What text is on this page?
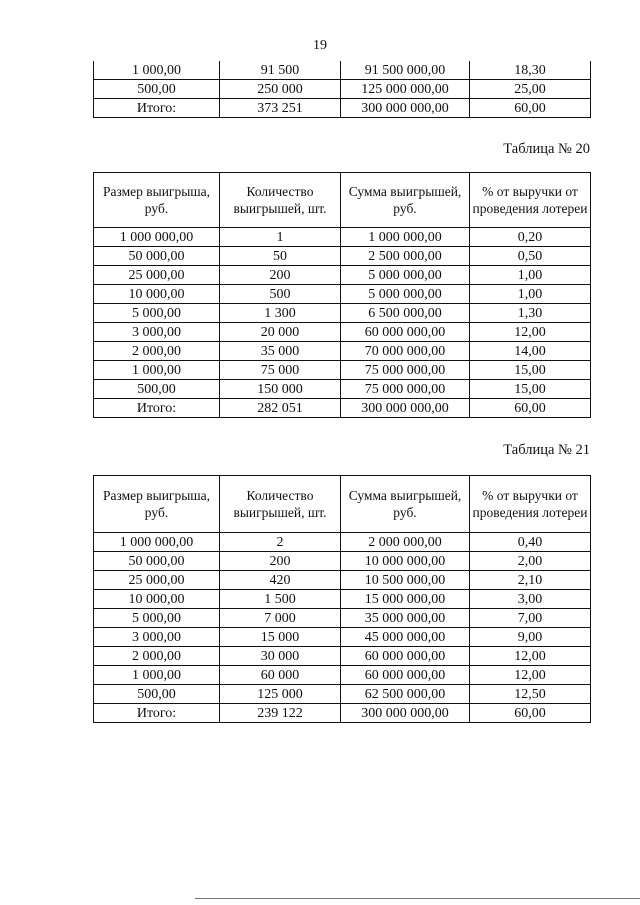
19
1 000,00	91 500	91 500 000,00	18,30
500,00	250 000	125 000 000,00	25,00
Итого:	373 251	300 000 000,00	60,00
Таблица № 20
Размер выигрыша, руб.	Количество выигрышей, шт.	Сумма выигрышей, руб.	% от выручки от проведения лотереи
1 000 000,00	1	1 000 000,00	0,20
50 000,00	50	2 500 000,00	0,50
25 000,00	200	5 000 000,00	1,00
10 000,00	500	5 000 000,00	1,00
5 000,00	1 300	6 500 000,00	1,30
3 000,00	20 000	60 000 000,00	12,00
2 000,00	35 000	70 000 000,00	14,00
1 000,00	75 000	75 000 000,00	15,00
500,00	150 000	75 000 000,00	15,00
Итого:	282 051	300 000 000,00	60,00
Таблица № 21
Размер выигрыша, руб.	Количество выигрышей, шт.	Сумма выигрышей, руб.	% от выручки от проведения лотереи
1 000 000,00	2	2 000 000,00	0,40
50 000,00	200	10 000 000,00	2,00
25 000,00	420	10 500 000,00	2,10
10 000,00	1 500	15 000 000,00	3,00
5 000,00	7 000	35 000 000,00	7,00
3 000,00	15 000	45 000 000,00	9,00
2 000,00	30 000	60 000 000,00	12,00
1 000,00	60 000	60 000 000,00	12,00
500,00	125 000	62 500 000,00	12,50
Итого:	239 122	300 000 000,00	60,00
